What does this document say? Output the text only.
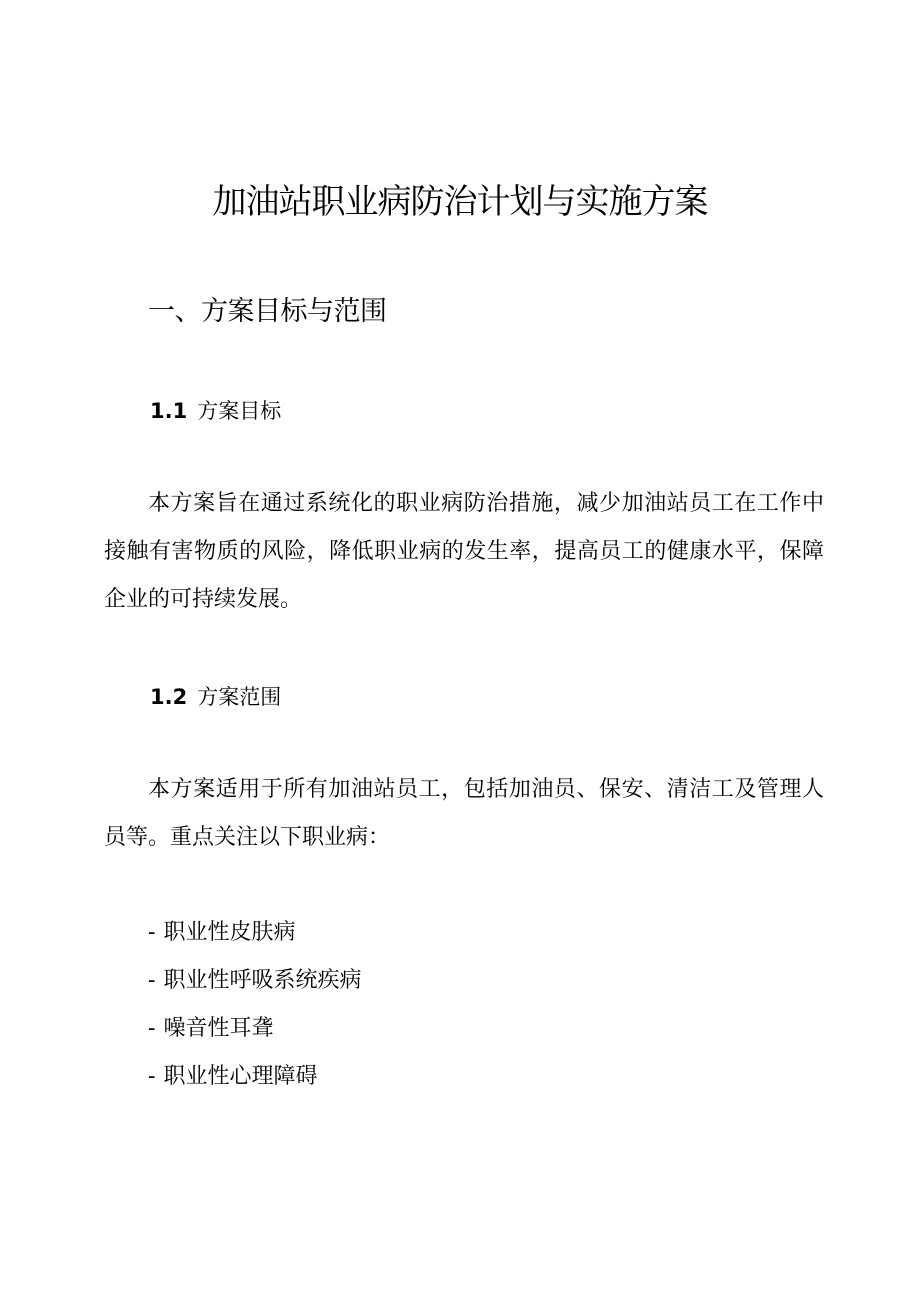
加油站职业病防治计划与实施方案
一、方案目标与范围
1.1 方案目标

本方案旨在通过系统化的职业病防治措施，减少加油站员工在工作中接触有害物质的风险，降低职业病的发生率，提高员工的健康水平，保障企业的可持续发展。

1.2 方案范围

本方案适用于所有加油站员工，包括加油员、保安、清洁工及管理人员等。重点关注以下职业病：

- 职业性皮肤病
- 职业性呼吸系统疾病
- 噪音性耳聋
- 职业性心理障碍
